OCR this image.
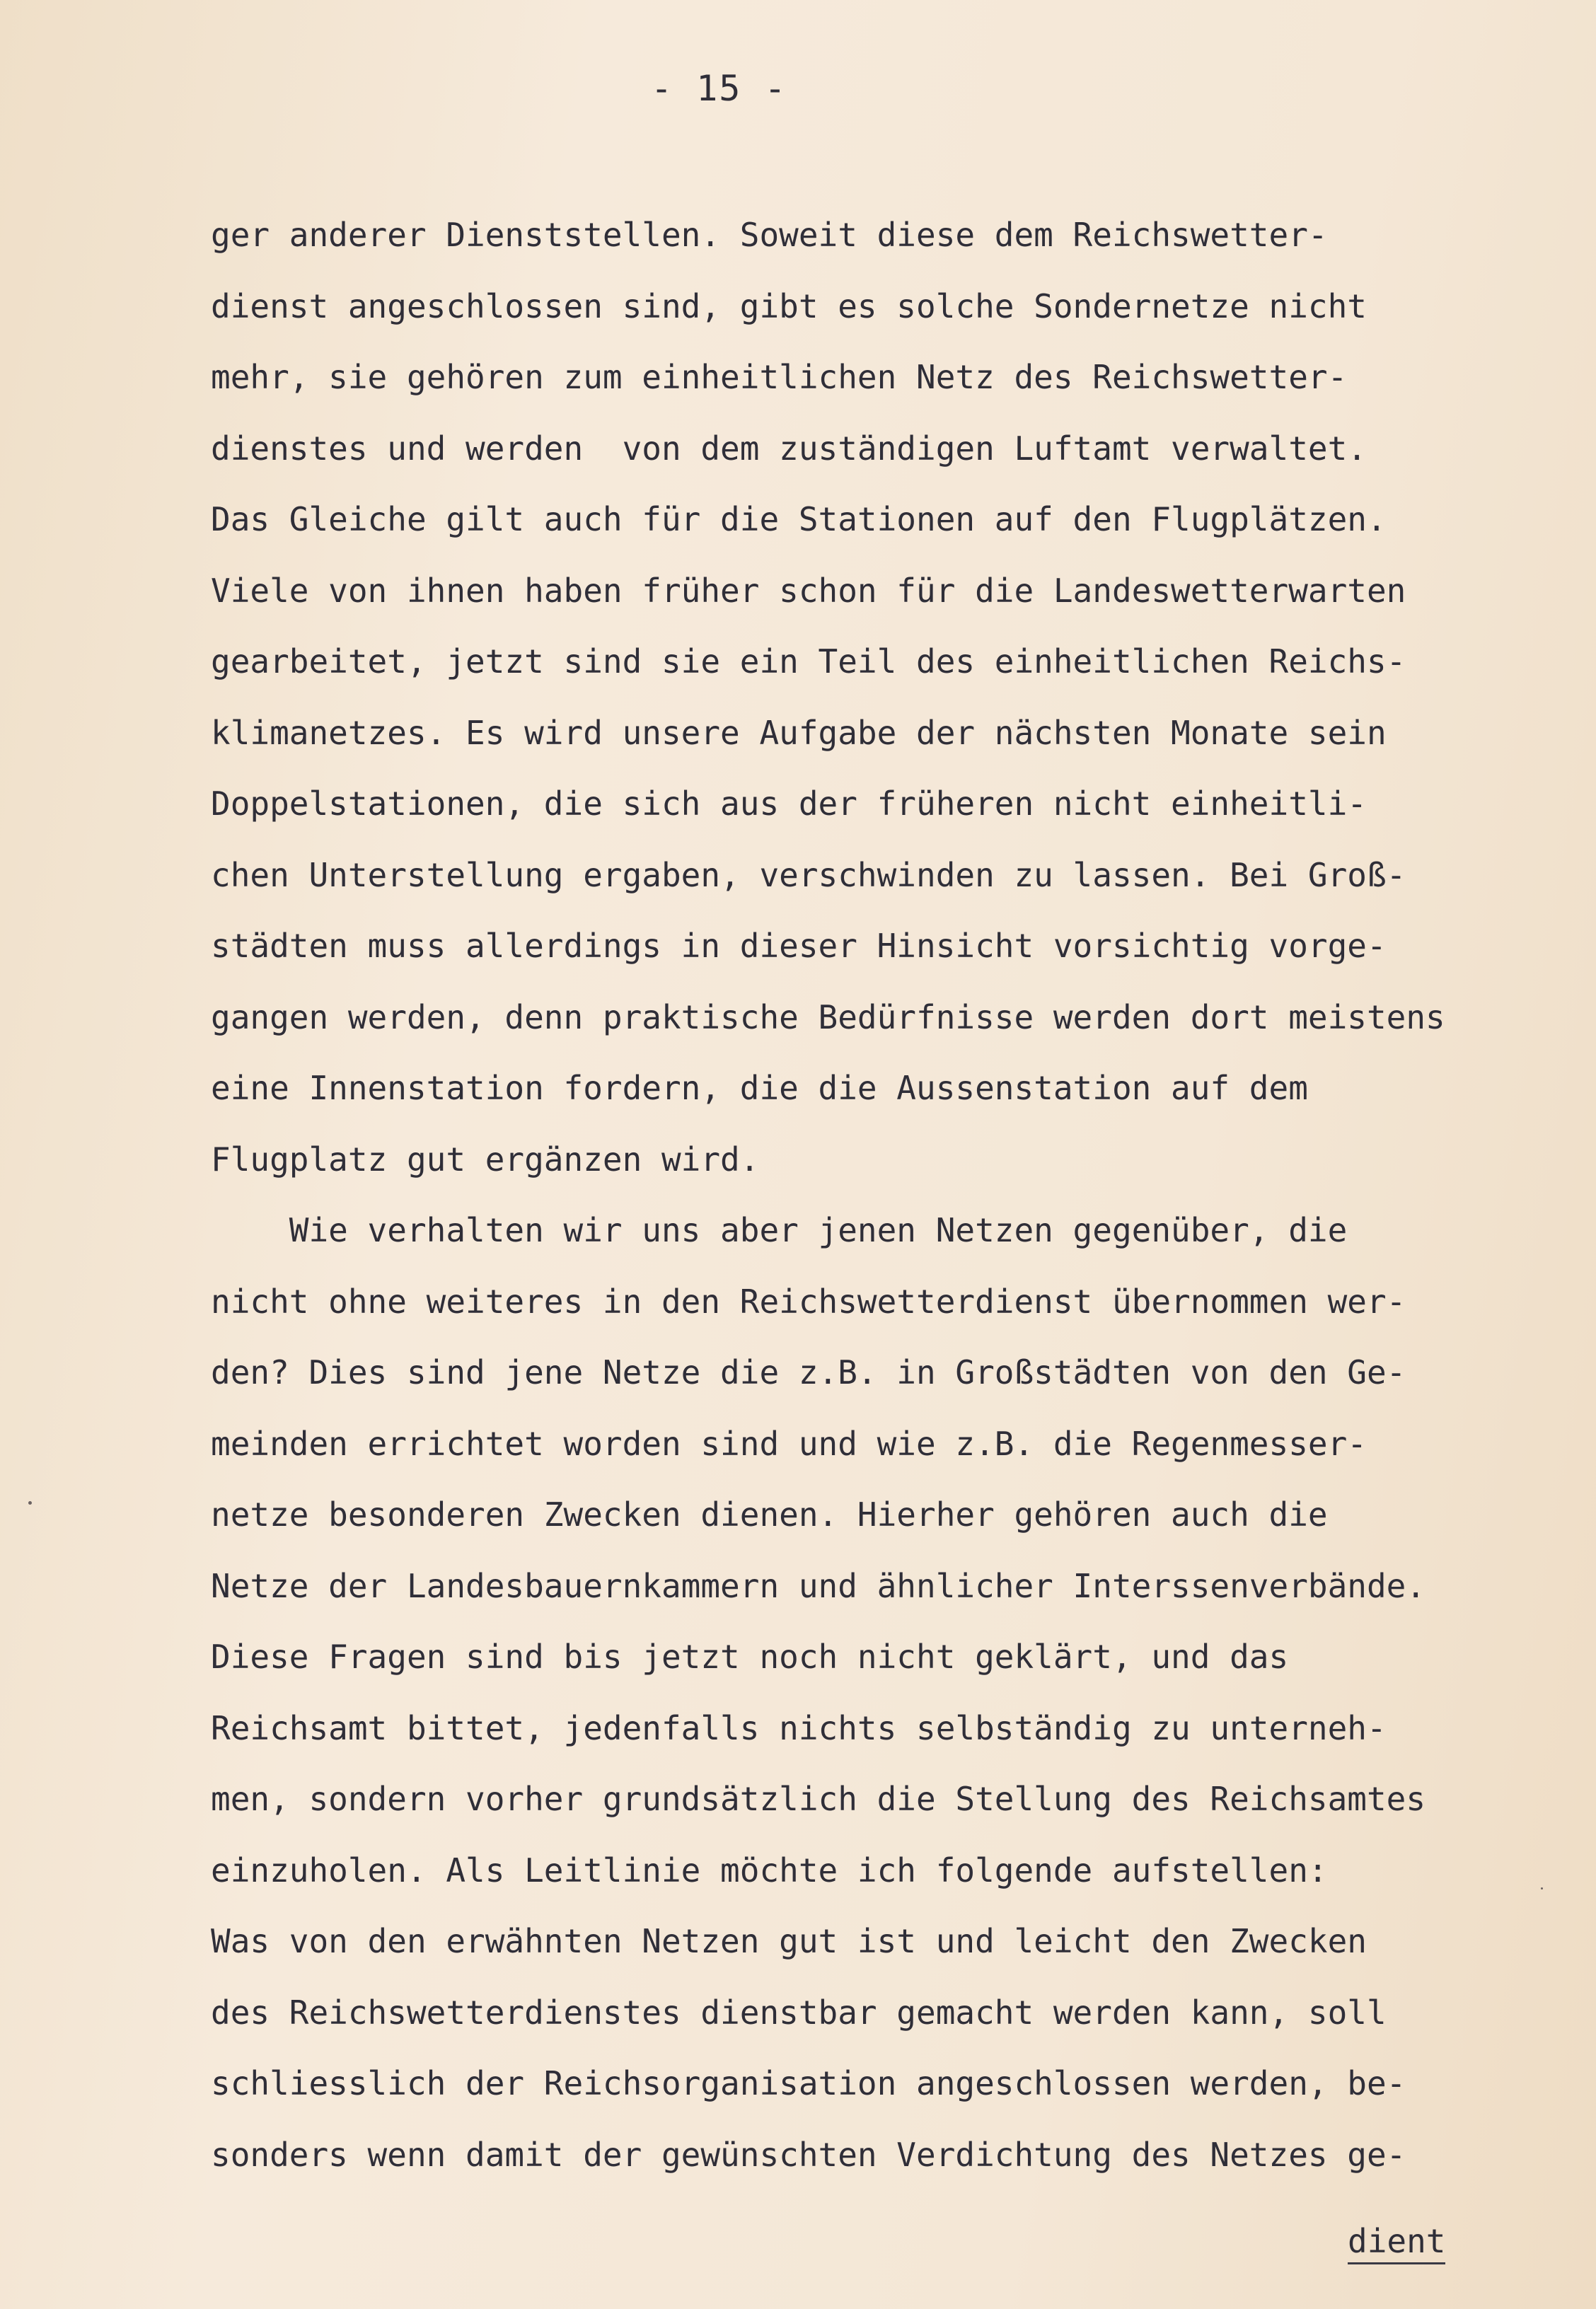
- 15 -
ger anderer Dienststellen. Soweit diese dem Reichswetter-
dienst angeschlossen sind, gibt es solche Sondernetze nicht
mehr, sie gehören zum einheitlichen Netz des Reichswetter-
dienstes und werden  von dem zuständigen Luftamt verwaltet.
Das Gleiche gilt auch für die Stationen auf den Flugplätzen.
Viele von ihnen haben früher schon für die Landeswetterwarten
gearbeitet, jetzt sind sie ein Teil des einheitlichen Reichs-
klimanetzes. Es wird unsere Aufgabe der nächsten Monate sein
Doppelstationen, die sich aus der früheren nicht einheitli-
chen Unterstellung ergaben, verschwinden zu lassen. Bei Groß-
städten muss allerdings in dieser Hinsicht vorsichtig vorge-
gangen werden, denn praktische Bedürfnisse werden dort meistens
eine Innenstation fordern, die die Aussenstation auf dem
Flugplatz gut ergänzen wird.
Wie verhalten wir uns aber jenen Netzen gegenüber, die
nicht ohne weiteres in den Reichswetterdienst übernommen wer-
den? Dies sind jene Netze die z.B. in Großstädten von den Ge-
meinden errichtet worden sind und wie z.B. die Regenmesser-
netze besonderen Zwecken dienen. Hierher gehören auch die
Netze der Landesbauernkammern und ähnlicher Interssenverbände.
Diese Fragen sind bis jetzt noch nicht geklärt, und das
Reichsamt bittet, jedenfalls nichts selbständig zu unterneh-
men, sondern vorher grundsätzlich die Stellung des Reichsamtes
einzuholen. Als Leitlinie möchte ich folgende aufstellen:
Was von den erwähnten Netzen gut ist und leicht den Zwecken
des Reichswetterdienstes dienstbar gemacht werden kann, soll
schliesslich der Reichsorganisation angeschlossen werden, be-
sonders wenn damit der gewünschten Verdichtung des Netzes ge-
dient
